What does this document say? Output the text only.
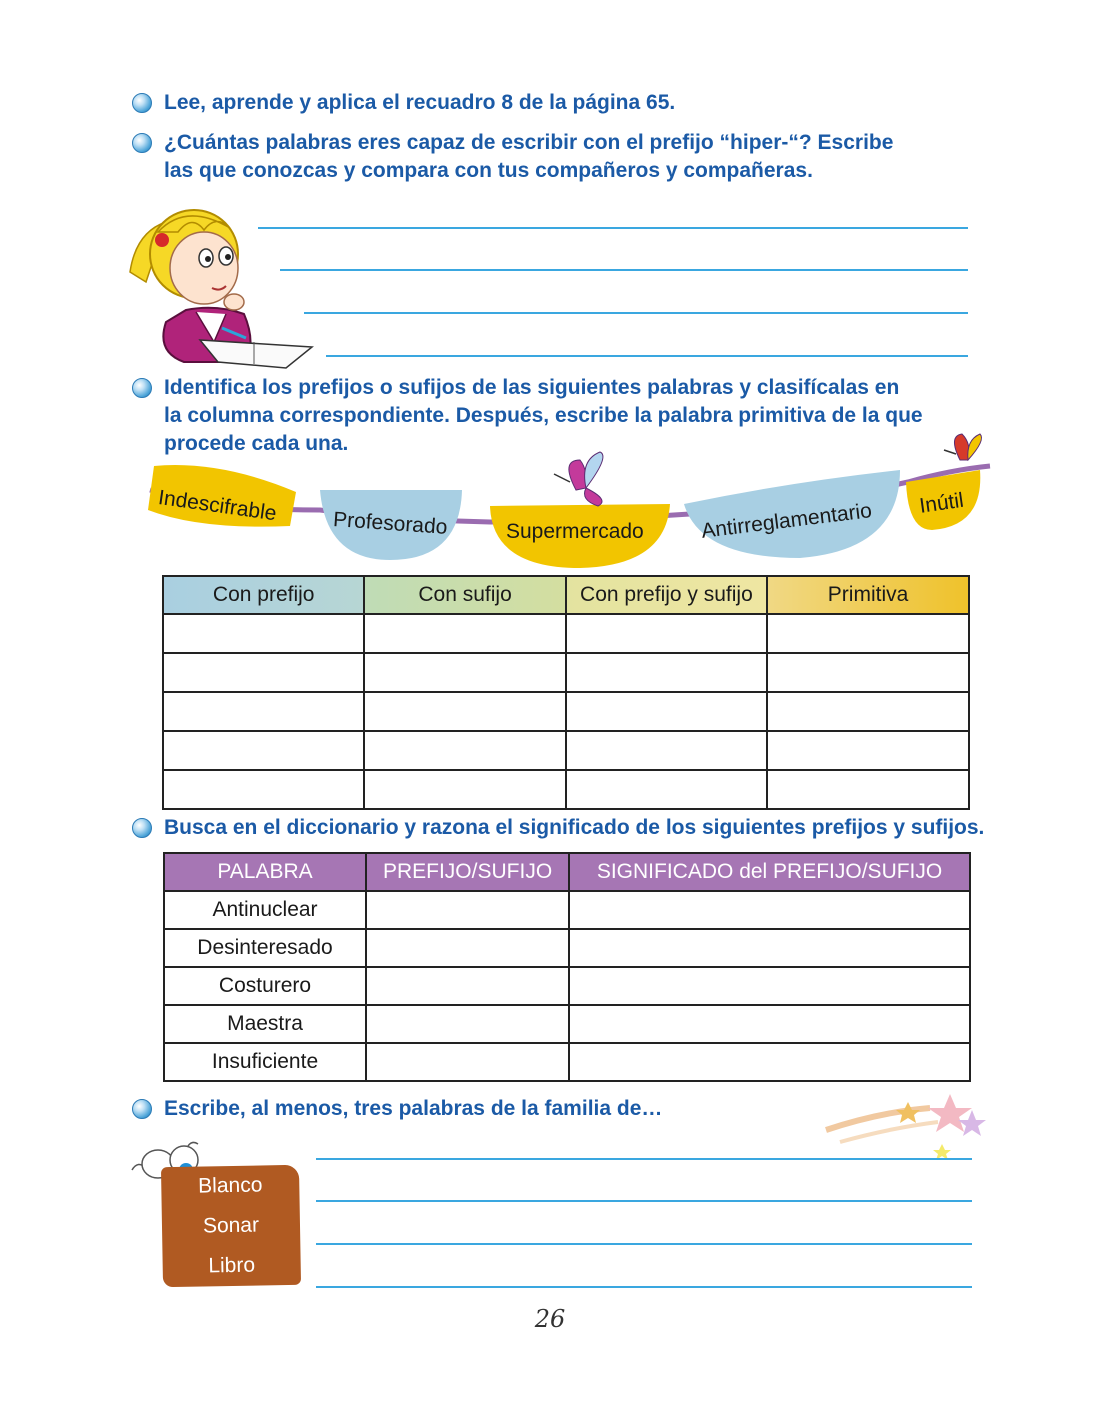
Lee, aprende y aplica el recuadro 8 de la página 65.
¿Cuántas palabras eres capaz de escribir con el prefijo “hiper-“? Escribe
las que conozcas y compara con tus compañeros y compañeras.
Identifica los prefijos o sufijos de las siguientes palabras y clasifícalas en
la columna correspondiente. Después, escribe la palabra primitiva de la que
procede cada una.
Indescifrable	Profesorado	Supermercado	Antirreglamentario Inútil
Con prefijo	Con sufijo	Con prefijo y sufijo	Primitiva

Busca en el diccionario y razona el significado de los siguientes prefijos y sufijos.
PALABRA	PREFIJO/SUFIJO	SIGNIFICADO del PREFIJO/SUFIJO
Antinuclear		
Desinteresado		
Costurero		
Maestra		
Insuficiente		
Escribe, al menos, tres palabras de la familia de…
Blanco
Sonar
Libro
26
